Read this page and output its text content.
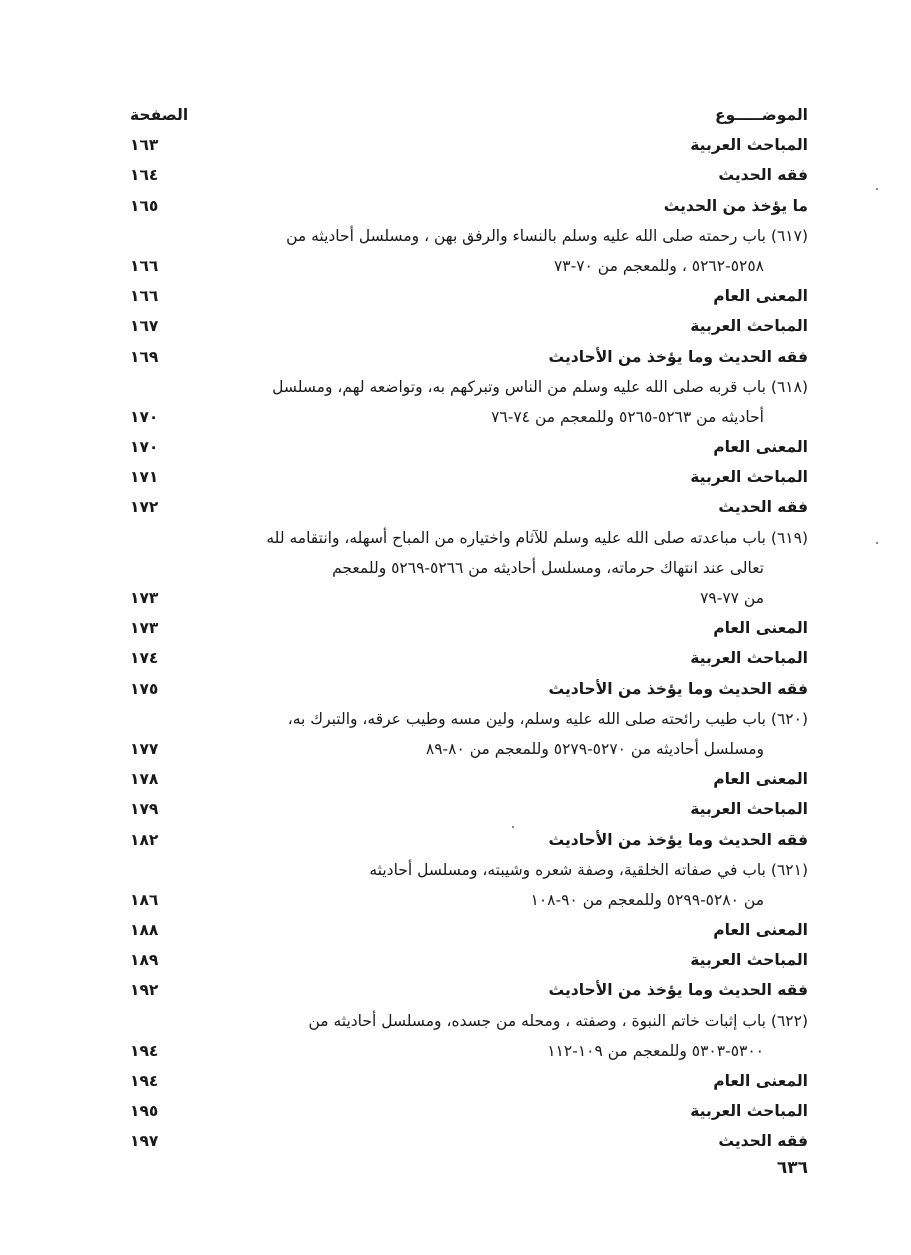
الموضـــــوع
الصفحة
المباحث العربية
١٦٣
فقه الحديث
١٦٤
ما يؤخذ من الحديث
١٦٥
(٦١٧) باب رحمته صلى الله عليه وسلم بالنساء والرفق بهن ، ومسلسل أحاديثه من
٥٢٥٨-٥٢٦٢ ، وللمعجم من ٧٠-٧٣
١٦٦
المعنى العام
١٦٦
المباحث العربية
١٦٧
فقه الحديث وما يؤخذ من الأحاديث
١٦٩
(٦١٨) باب قربه صلى الله عليه وسلم من الناس وتبركهم به، وتواضعه لهم، ومسلسل
أحاديثه من ٥٢٦٣-٥٢٦٥ وللمعجم من ٧٤-٧٦
١٧٠
المعنى العام
١٧٠
المباحث العربية
١٧١
فقه الحديث
١٧٢
(٦١٩) باب مباعدته صلى الله عليه وسلم للآثام واختياره من المباح أسهله، وانتقامه لله
تعالى عند انتهاك حرماته، ومسلسل أحاديثه من ٥٢٦٦-٥٢٦٩ وللمعجم
من ٧٧-٧٩
١٧٣
المعنى العام
١٧٣
المباحث العربية
١٧٤
فقه الحديث وما يؤخذ من الأحاديث
١٧٥
(٦٢٠) باب طيب رائحته صلى الله عليه وسلم، ولين مسه وطيب عرقه، والتبرك به،
ومسلسل أحاديثه من ٥٢٧٠-٥٢٧٩ وللمعجم من ٨٠-٨٩
١٧٧
المعنى العام
١٧٨
المباحث العربية
١٧٩
فقه الحديث وما يؤخذ من الأحاديث
١٨٢
(٦٢١) باب في صفاته الخلقية، وصفة شعره وشيبته، ومسلسل أحاديثه
من ٥٢٨٠-٥٢٩٩ وللمعجم من ٩٠-١٠٨
١٨٦
المعنى العام
١٨٨
المباحث العربية
١٨٩
فقه الحديث وما يؤخذ من الأحاديث
١٩٢
(٦٢٢) باب إثبات خاتم النبوة ، وصفته ، ومحله من جسده، ومسلسل أحاديثه من
٥٣٠٠-٥٣٠٣ وللمعجم من ١٠٩-١١٢
١٩٤
المعنى العام
١٩٤
المباحث العربية
١٩٥
فقه الحديث
١٩٧
٦٣٦
